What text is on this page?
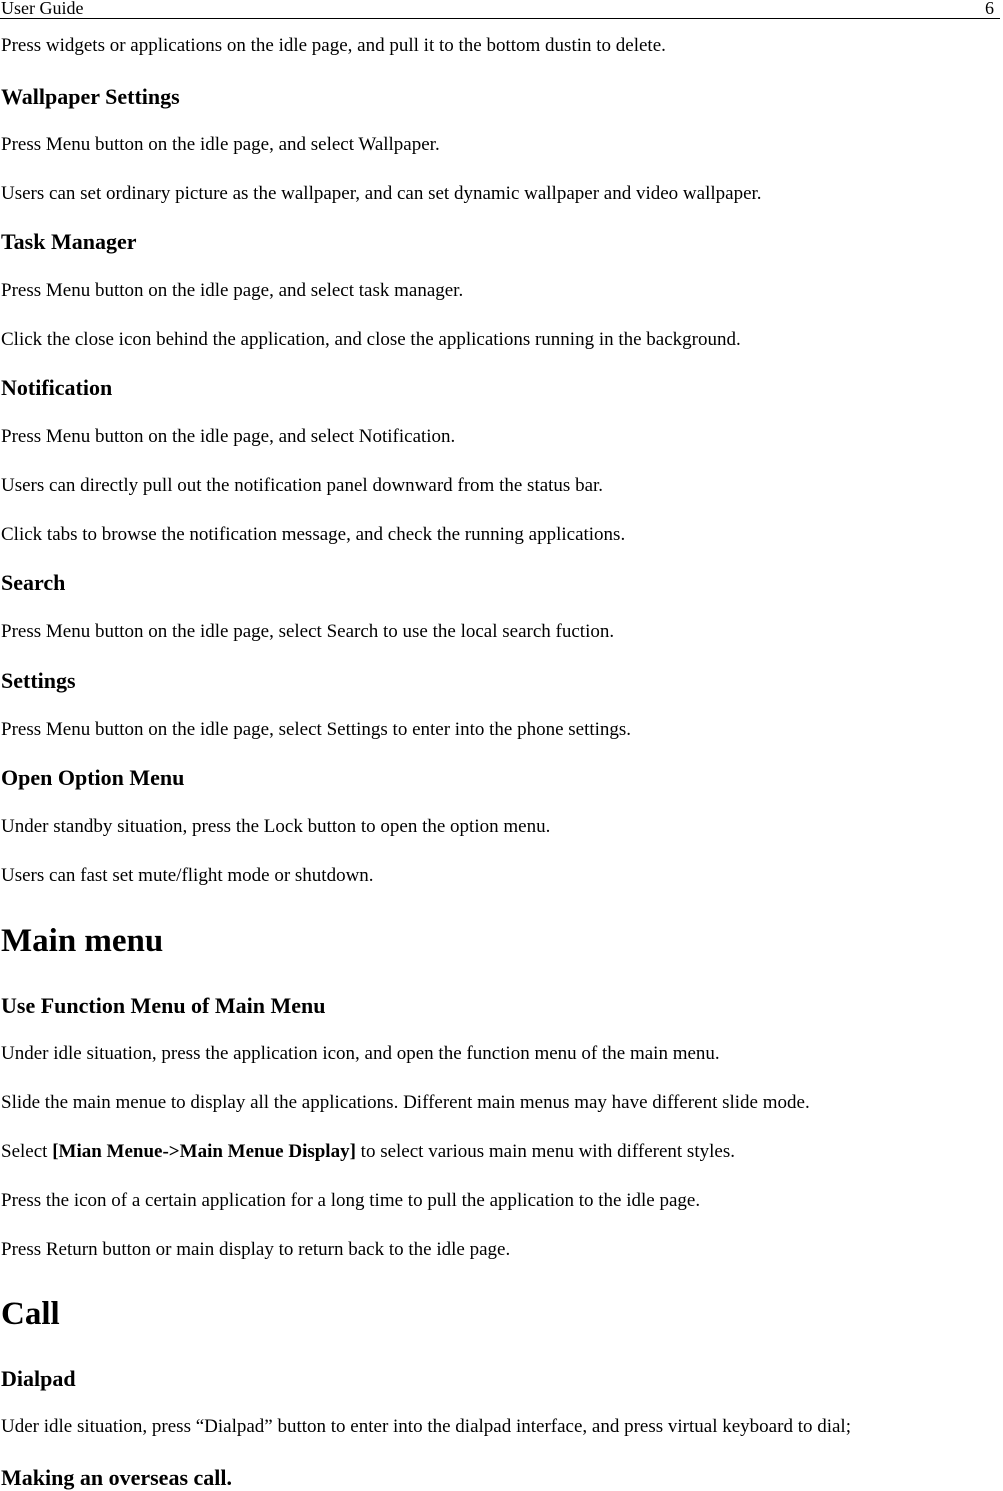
User Guide	6
Press widgets or applications on the idle page, and pull it to the bottom dustin to delete.
Wallpaper Settings
Press Menu button on the idle page, and select Wallpaper.
Users can set ordinary picture as the wallpaper, and can set dynamic wallpaper and video wallpaper.
Task Manager
Press Menu button on the idle page, and select task manager.
Click the close icon behind the application, and close the applications running in the background.
Notification
Press Menu button on the idle page, and select Notification.
Users can directly pull out the notification panel downward from the status bar.
Click tabs to browse the notification message, and check the running applications.
Search
Press Menu button on the idle page, select Search to use the local search fuction.
Settings
Press Menu button on the idle page, select Settings to enter into the phone settings.
Open Option Menu
Under standby situation, press the Lock button to open the option menu.
Users can fast set mute/flight mode or shutdown.
Main menu
Use Function Menu of Main Menu
Under idle situation, press the application icon, and open the function menu of the main menu.
Slide the main menue to display all the applications. Different main menus may have different slide mode.
Select [Mian Menue->Main Menue Display] to select various main menu with different styles.
Press the icon of a certain application for a long time to pull the application to the idle page.
Press Return button or main display to return back to the idle page.
Call
Dialpad
Uder idle situation, press “Dialpad” button to enter into the dialpad interface, and press virtual keyboard to dial;
Making an overseas call.
